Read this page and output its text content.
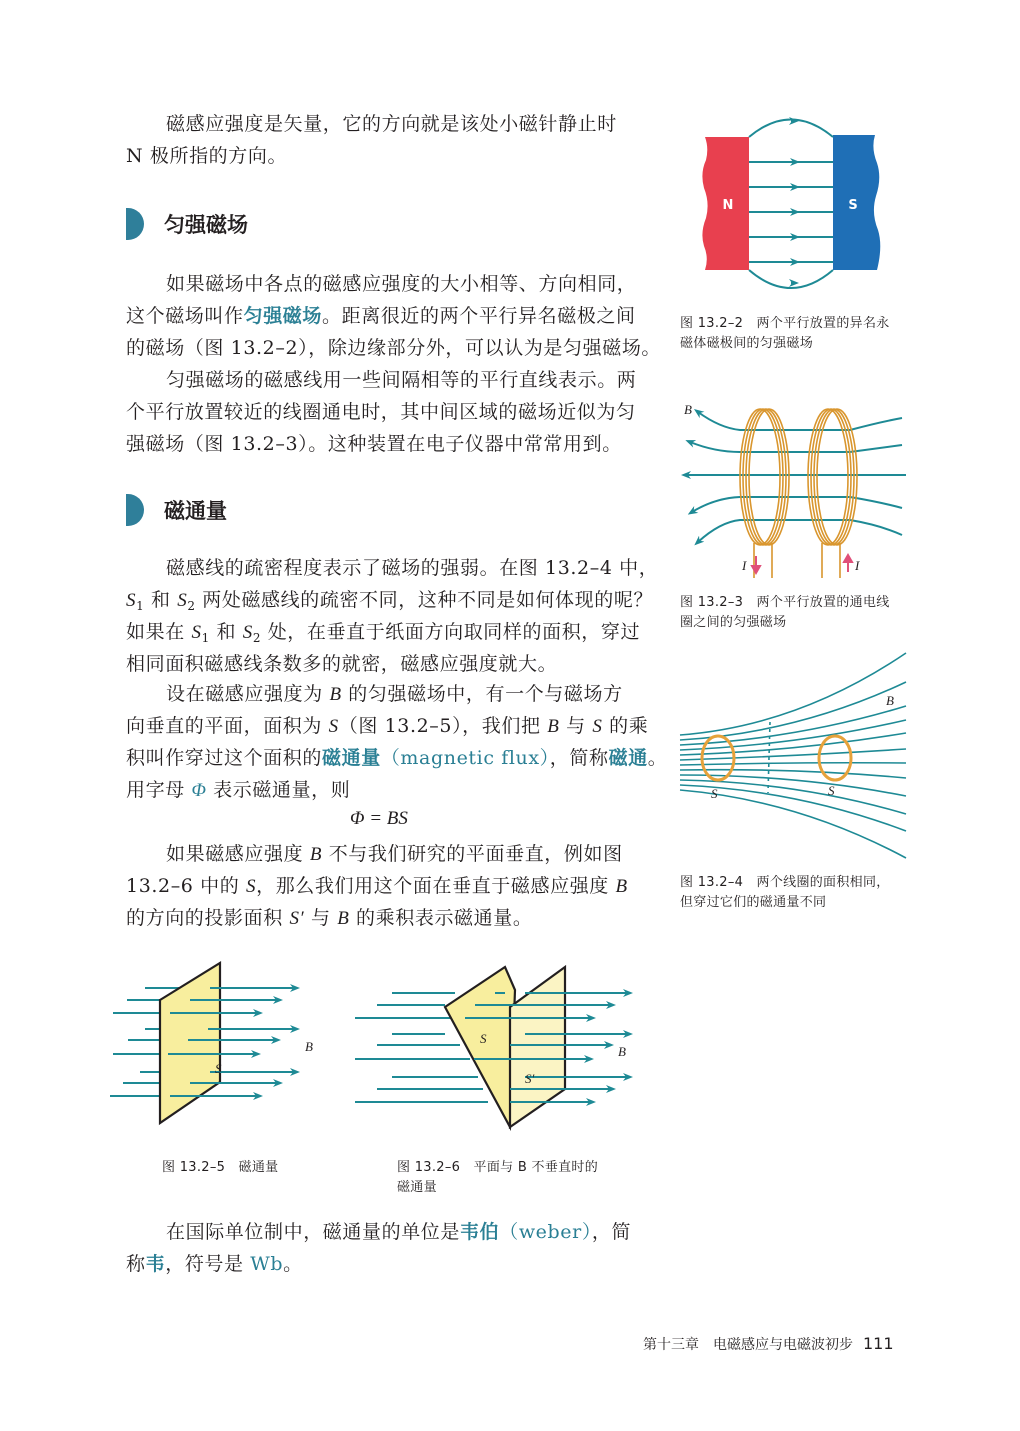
磁感应强度是矢量，它的方向就是该处小磁针静止时
N 极所指的方向。
匀强磁场
如果磁场中各点的磁感应强度的大小相等、方向相同，
这个磁场叫作匀强磁场。距离很近的两个平行异名磁极之间
的磁场（图 13.2–2），除边缘部分外，可以认为是匀强磁场。
匀强磁场的磁感线用一些间隔相等的平行直线表示。两
个平行放置较近的线圈通电时，其中间区域的磁场近似为匀
强磁场（图 13.2–3）。这种装置在电子仪器中常常用到。
磁通量
磁感线的疏密程度表示了磁场的强弱。在图 13.2–4 中，
$S_1$ 和 $S_2$ 两处磁感线的疏密不同，这种不同是如何体现的呢？
如果在 $S_1$ 和 $S_2$ 处，在垂直于纸面方向取同样的面积，穿过
相同面积磁感线条数多的就密，磁感应强度就大。
设在磁感应强度为 B 的匀强磁场中，有一个与磁场方
向垂直的平面，面积为 S（图 13.2–5），我们把 B 与 S 的乘
积叫作穿过这个面积的磁通量（magnetic flux），简称磁通。
用字母 Φ 表示磁通量，则
Φ = BS
如果磁感应强度 B 不与我们研究的平面垂直，例如图
13.2–6 中的 S，那么我们用这个面在垂直于磁感应强度 B
的方向的投影面积 S′ 与 B 的乘积表示磁通量。
N	S
图 13.2–2　两个平行放置的异名永
磁体磁极间的匀强磁场
B
I	I
图 13.2–3　两个平行放置的通电线
圈之间的匀强磁场
B
S	S
图 13.2–4　两个线圈的面积相同，
但穿过它们的磁通量不同
S
B
图 13.2–5　磁通量
S
S′
B
图 13.2–6　平面与 B 不垂直时的
磁通量
在国际单位制中，磁通量的单位是韦伯（weber），简
称韦，符号是 Wb。
第十三章　电磁感应与电磁波初步 111
